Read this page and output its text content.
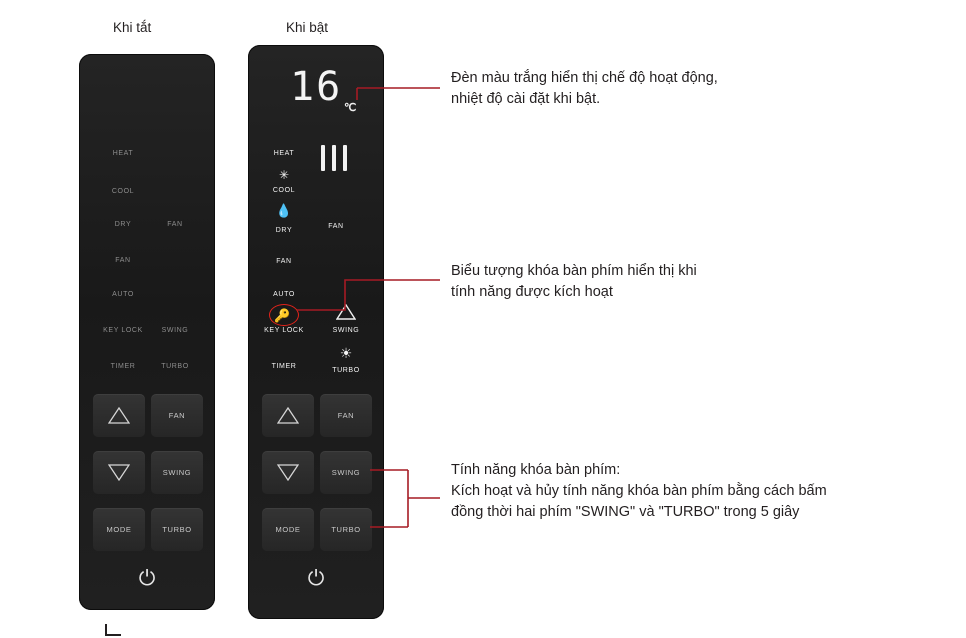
Khi tắt	Khi bật
HEAT
COOL
DRY
FAN
AUTO
KEY LOCK
TIMER
FAN
SWING
TURBO
FAN
SWING
MODE	TURBO
⏻
16 ℃
HEAT
✳
COOL
💧
DRY
FAN
AUTO
🔑
KEY LOCK
TIMER
FAN
SWING
☀
TURBO
FAN
SWING
MODE	TURBO
⏻
Đèn màu trắng hiển thị chế độ hoạt động,
nhiệt độ cài đặt khi bật.
Biểu tượng khóa bàn phím hiển thị khi
tính năng được kích hoạt
Tính năng khóa bàn phím:
Kích hoạt và hủy tính năng khóa bàn phím bằng cách bấm
đồng thời hai phím "SWING" và "TURBO" trong 5 giây
